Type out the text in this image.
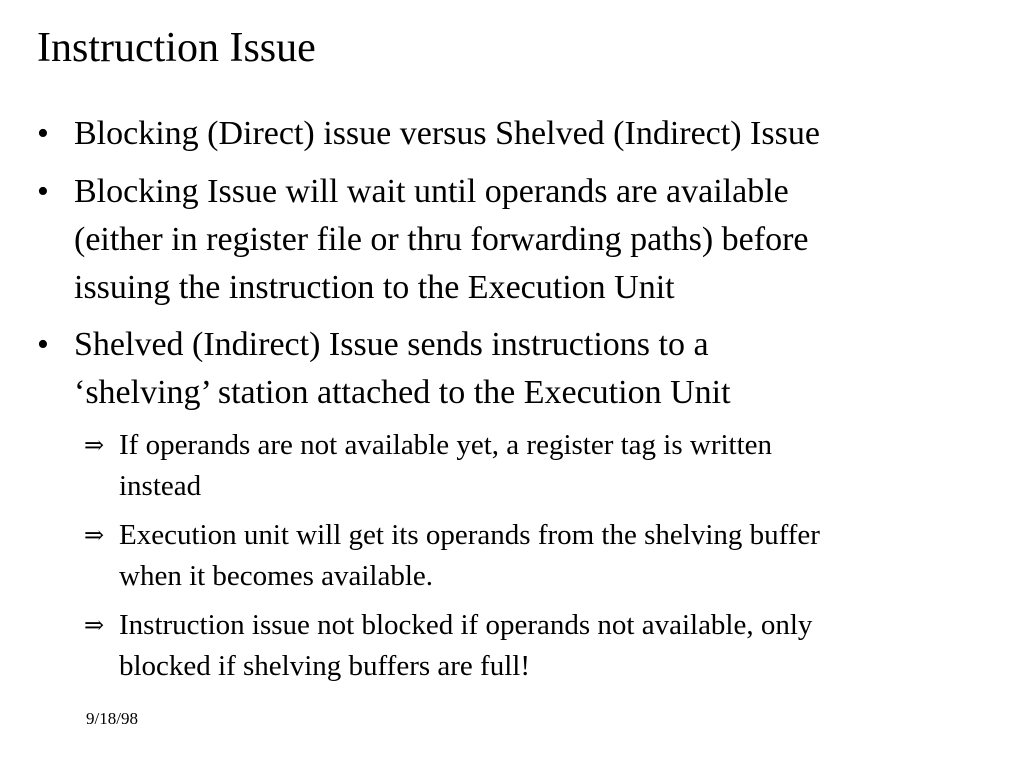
Instruction Issue
• Blocking (Direct) issue versus Shelved (Indirect) Issue
• Blocking Issue will wait until operands are available
(either in register file or thru forwarding paths) before
issuing the instruction to the Execution Unit
• Shelved (Indirect) Issue sends instructions to a
‘shelving’ station attached to the Execution Unit
⇒ If operands are not available yet, a register tag is written
instead
⇒ Execution unit will get its operands from the shelving buffer
when it becomes available.
⇒ Instruction issue not blocked if operands not available, only
blocked if shelving buffers are full!
9/18/98
